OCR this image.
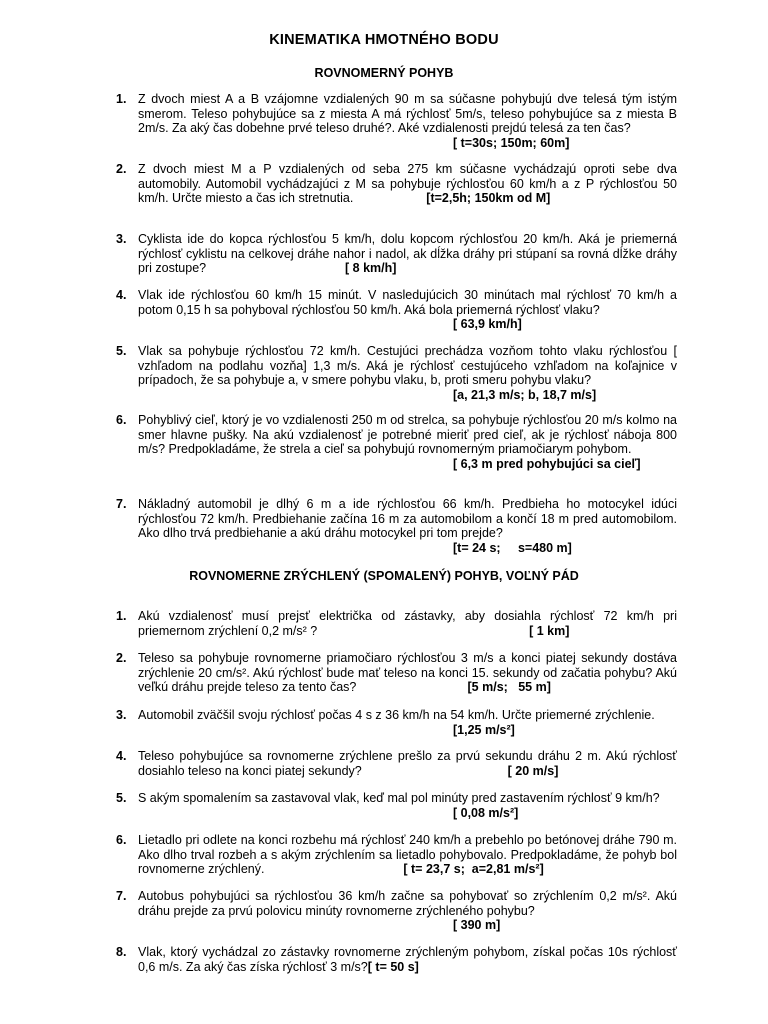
KINEMATIKA HMOTNÉHO BODU
ROVNOMERNÝ POHYB
1. Z dvoch miest A a B vzájomne vzdialených 90 m sa súčasne pohybujú dve telesá tým istým smerom. Teleso pohybujúce sa z miesta A má rýchlosť 5m/s, teleso pohybujúce sa z miesta B 2m/s. Za aký čas dobehne prvé teleso druhé?. Aké vzdialenosti prejdú telesá za ten čas?

[ t=30s; 150m; 60m]
2. Z dvoch miest M a P vzdialených od seba 275 km súčasne vychádzajú oproti sebe dva automobily. Automobil vychádzajúci z M sa pohybuje rýchlosťou 60 km/h a z P rýchlosťou 50 km/h. Určte miesto a čas ich stretnutia.	[t=2,5h; 150km od M]

3. Cyklista ide do kopca rýchlosťou 5 km/h, dolu kopcom rýchlosťou 20 km/h. Aká je priemerná rýchlosť cyklistu na celkovej dráhe nahor i nadol, ak dĺžka dráhy pri stúpaní sa rovná dĺžke dráhy pri zostupe?	[ 8 km/h]

4. Vlak ide rýchlosťou 60 km/h 15 minút. V nasledujúcich 30 minútach mal rýchlosť 70 km/h a potom 0,15 h sa pohyboval rýchlosťou 50 km/h. Aká bola priemerná rýchlosť vlaku?

[ 63,9 km/h]
5. Vlak sa pohybuje rýchlosťou 72 km/h. Cestujúci prechádza vozňom tohto vlaku rýchlosťou [ vzhľadom na podlahu vozňa] 1,3 m/s. Aká je rýchlosť cestujúceho vzhľadom na koľajnice v prípadoch, že sa pohybuje a, v smere pohybu vlaku, b, proti smeru pohybu vlaku?

[a, 21,3 m/s; b, 18,7 m/s]
6. Pohyblivý cieľ, ktorý je vo vzdialenosti 250 m od strelca, sa pohybuje rýchlosťou 20 m/s kolmo na smer hlavne pušky. Na akú vzdialenosť je potrebné mieriť pred cieľ, ak je rýchlosť nábojа 800 m/s? Predpokladáme, že strela a cieľ sa pohybujú rovnomerným priamočiarym pohybom.

[ 6,3 m pred pohybujúci sa cieľ]
7. Nákladný automobil je dlhý 6 m a ide rýchlosťou 66 km/h. Predbieha ho motocykel idúci rýchlosťou 72 km/h. Predbiehanie začína 16 m za automobilom a končí 18 m pred automobilom. Ako dlho trvá predbiehanie a akú dráhu motocykel pri tom prejde?

[t= 24 s;     s=480 m]
ROVNOMERNE ZRÝCHLENÝ (SPOMALENÝ) POHYB, VOĽNÝ PÁD
1. Akú vzdialenosť musí prejsť električka od zástavky, aby dosiahla rýchlosť 72 km/h pri priemernom zrýchlení 0,2 m/s² ?	[ 1 km]

2. Teleso sa pohybuje rovnomerne priamočiaro rýchlosťou 3 m/s a konci piatej sekundy dostáva zrýchlenie 20 cm/s². Akú rýchlosť bude mať teleso na konci 15. sekundy od začatia pohybu? Akú veľkú dráhu prejde teleso za tento čas?	[5 m/s;   55 m]

3. Automobil zväčšil svoju rýchlosť počas 4 s z 36 km/h na 54 km/h. Určte priemerné zrýchlenie.

[1,25 m/s²]
4. Teleso pohybujúce sa rovnomerne zrýchlene prešlo za prvú sekundu dráhu 2 m. Akú rýchlosť dosiahlo teleso na konci piatej sekundy?	[ 20 m/s]

5. S akým spomalením sa zastavoval vlak, keď mal pol minúty pred zastavením rýchlosť 9 km/h?

[ 0,08 m/s²]
6. Lietadlo pri odlete na konci rozbehu má rýchlosť 240 km/h a prebehlo po betónovej dráhe 790 m. Ako dlho trval rozbeh a s akým zrýchlením sa lietadlo pohybovalo. Predpokladáme, že pohyb bol rovnomerne zrýchlený.	[ t= 23,7 s;  a=2,81 m/s²]

7. Autobus pohybujúci sa rýchlosťou 36 km/h začne sa pohybovať so zrýchlením 0,2 m/s². Akú dráhu prejde za prvú polovicu minúty rovnomerne zrýchleného pohybu?

[ 390 m]
8. Vlak, ktorý vychádzal zo zástavky rovnomerne zrýchleným pohybom, získal počas 10s rýchlosť 0,6 m/s. Za aký čas získa rýchlosť 3 m/s?[ t= 50 s]
